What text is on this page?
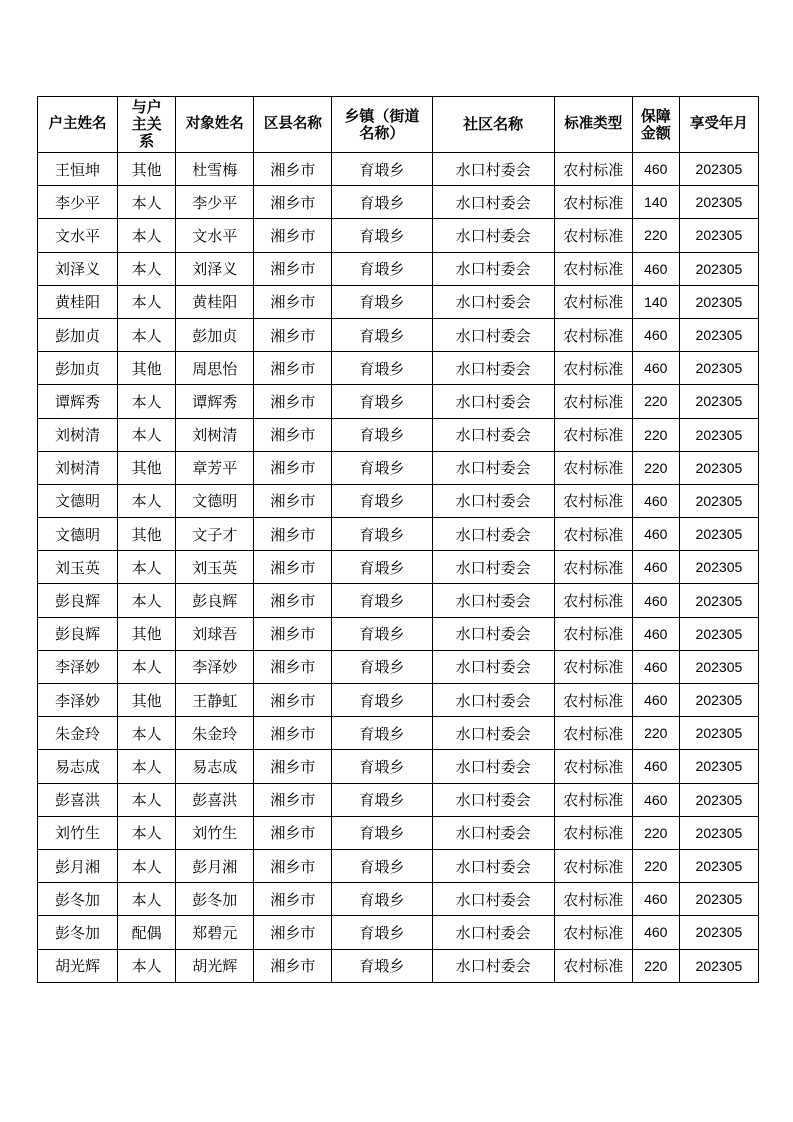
户主姓名	与户主关系	对象姓名	区县名称	乡镇（街道名称）	社区名称	标准类型	保障金额	享受年月
王恒坤	其他	杜雪梅	湘乡市	育塅乡	水口村委会	农村标准	460	202305
李少平	本人	李少平	湘乡市	育塅乡	水口村委会	农村标准	140	202305
文水平	本人	文水平	湘乡市	育塅乡	水口村委会	农村标准	220	202305
刘泽义	本人	刘泽义	湘乡市	育塅乡	水口村委会	农村标准	460	202305
黄桂阳	本人	黄桂阳	湘乡市	育塅乡	水口村委会	农村标准	140	202305
彭加贞	本人	彭加贞	湘乡市	育塅乡	水口村委会	农村标准	460	202305
彭加贞	其他	周思怡	湘乡市	育塅乡	水口村委会	农村标准	460	202305
谭辉秀	本人	谭辉秀	湘乡市	育塅乡	水口村委会	农村标准	220	202305
刘树清	本人	刘树清	湘乡市	育塅乡	水口村委会	农村标准	220	202305
刘树清	其他	章芳平	湘乡市	育塅乡	水口村委会	农村标准	220	202305
文德明	本人	文德明	湘乡市	育塅乡	水口村委会	农村标准	460	202305
文德明	其他	文子才	湘乡市	育塅乡	水口村委会	农村标准	460	202305
刘玉英	本人	刘玉英	湘乡市	育塅乡	水口村委会	农村标准	460	202305
彭良辉	本人	彭良辉	湘乡市	育塅乡	水口村委会	农村标准	460	202305
彭良辉	其他	刘球吾	湘乡市	育塅乡	水口村委会	农村标准	460	202305
李泽妙	本人	李泽妙	湘乡市	育塅乡	水口村委会	农村标准	460	202305
李泽妙	其他	王静虹	湘乡市	育塅乡	水口村委会	农村标准	460	202305
朱金玲	本人	朱金玲	湘乡市	育塅乡	水口村委会	农村标准	220	202305
易志成	本人	易志成	湘乡市	育塅乡	水口村委会	农村标准	460	202305
彭喜洪	本人	彭喜洪	湘乡市	育塅乡	水口村委会	农村标准	460	202305
刘竹生	本人	刘竹生	湘乡市	育塅乡	水口村委会	农村标准	220	202305
彭月湘	本人	彭月湘	湘乡市	育塅乡	水口村委会	农村标准	220	202305
彭冬加	本人	彭冬加	湘乡市	育塅乡	水口村委会	农村标准	460	202305
彭冬加	配偶	郑碧元	湘乡市	育塅乡	水口村委会	农村标准	460	202305
胡光辉	本人	胡光辉	湘乡市	育塅乡	水口村委会	农村标准	220	202305
